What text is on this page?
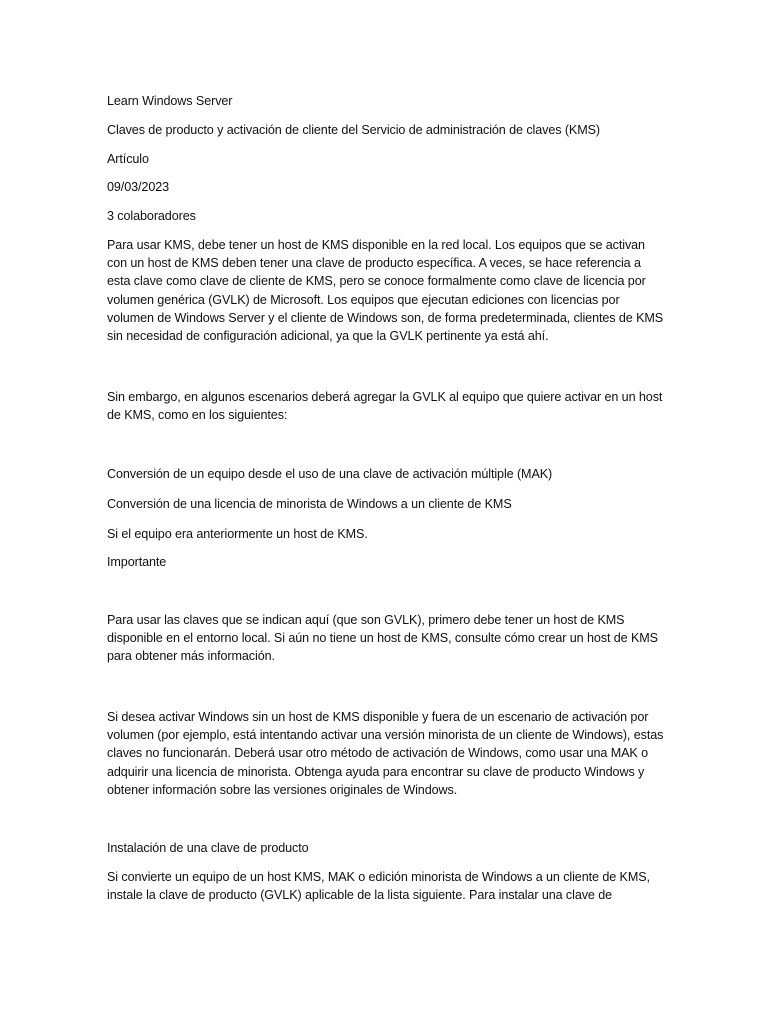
Learn Windows Server

Claves de producto y activación de cliente del Servicio de administración de claves (KMS)

Artículo

09/03/2023

3 colaboradores

Para usar KMS, debe tener un host de KMS disponible en la red local. Los equipos que se activan con un host de KMS deben tener una clave de producto específica. A veces, se hace referencia a esta clave como clave de cliente de KMS, pero se conoce formalmente como clave de licencia por volumen genérica (GVLK) de Microsoft. Los equipos que ejecutan ediciones con licencias por volumen de Windows Server y el cliente de Windows son, de forma predeterminada, clientes de KMS sin necesidad de configuración adicional, ya que la GVLK pertinente ya está ahí.

Sin embargo, en algunos escenarios deberá agregar la GVLK al equipo que quiere activar en un host de KMS, como en los siguientes:

Conversión de un equipo desde el uso de una clave de activación múltiple (MAK)

Conversión de una licencia de minorista de Windows a un cliente de KMS

Si el equipo era anteriormente un host de KMS.

Importante

Para usar las claves que se indican aquí (que son GVLK), primero debe tener un host de KMS disponible en el entorno local. Si aún no tiene un host de KMS, consulte cómo crear un host de KMS para obtener más información.

Si desea activar Windows sin un host de KMS disponible y fuera de un escenario de activación por volumen (por ejemplo, está intentando activar una versión minorista de un cliente de Windows), estas claves no funcionarán. Deberá usar otro método de activación de Windows, como usar una MAK o adquirir una licencia de minorista. Obtenga ayuda para encontrar su clave de producto Windows y obtener información sobre las versiones originales de Windows.

Instalación de una clave de producto

Si convierte un equipo de un host KMS, MAK o edición minorista de Windows a un cliente de KMS, instale la clave de producto (GVLK) aplicable de la lista siguiente. Para instalar una clave de
